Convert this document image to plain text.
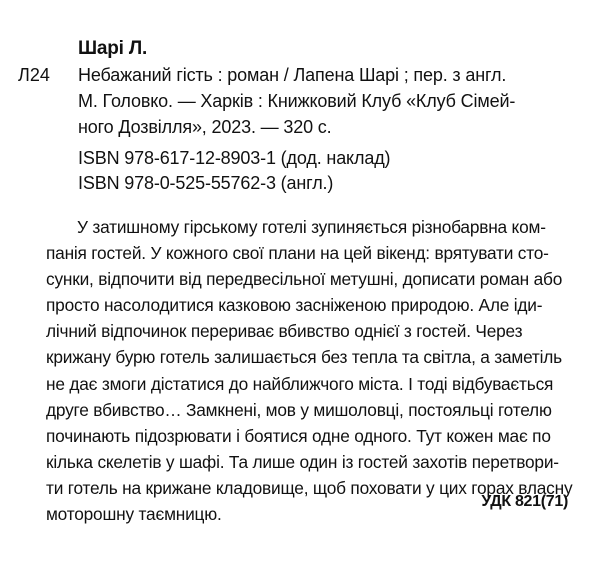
Шарі Л.
Л24 Небажаний гість : роман / Лапена Шарі ; пер. з англ.
М. Головко. — Харків : Книжковий Клуб «Клуб Сімей-
ного Дозвілля», 2023. — 320 с.
ISBN 978-617-12-8903-1 (дод. наклад)
ISBN 978-0-525-55762-3 (англ.)
У затишному гірському готелі зупиняється різнобарвна ком-
панія гостей. У кожного свої плани на цей вікенд: врятувати сто-
сунки, відпочити від передвесільної метушні, дописати роман або
просто насолодитися казковою засніженою природою. Але іди-
лічний відпочинок перериває вбивство однієї з гостей. Через
крижану бурю готель залишається без тепла та світла, а заметіль
не дає змоги дістатися до найближчого міста. І тоді відбувається
друге вбивство… Замкнені, мов у мишоловці, постояльці готелю
починають підозрювати і боятися одне одного. Тут кожен має по
кілька скелетів у шафі. Та лише один із гостей захотів перетвори-
ти готель на крижане кладовище, щоб поховати у цих горах власну
моторошну таємницю.
УДК 821(71)
